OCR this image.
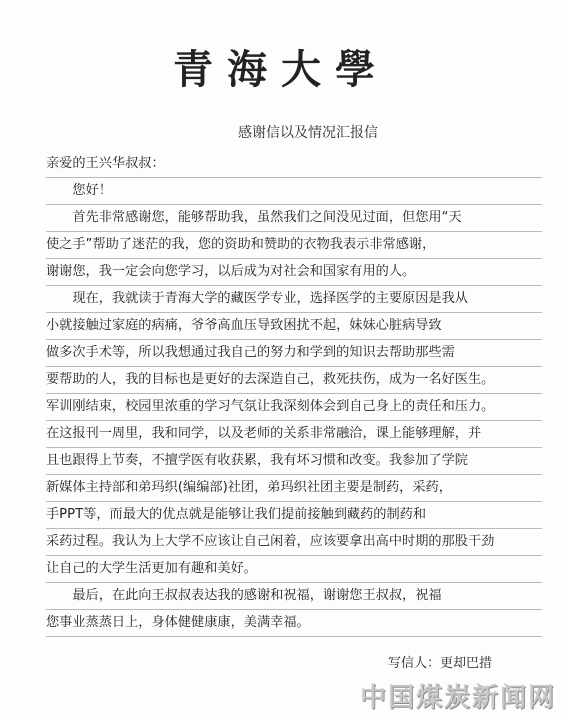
青海大學
感谢信以及情况汇报信
亲爱的王兴华叔叔：
　　您好！
　　首先非常感谢您，能够帮助我，虽然我们之间没见过面，但您用“天
使之手”帮助了迷茫的我，您的资助和赞助的衣物我表示非常感谢，
谢谢您，我一定会向您学习，以后成为对社会和国家有用的人。
　　现在，我就读于青海大学的藏医学专业，选择医学的主要原因是我从
小就接触过家庭的病痛，爷爷高血压导致困扰不起，妹妹心脏病导致
做多次手术等，所以我想通过我自己的努力和学到的知识去帮助那些需
要帮助的人，我的目标也是更好的去深造自己，救死扶伤，成为一名好医生。
军训刚结束，校园里浓重的学习气氛让我深刻体会到自己身上的责任和压力。
在这报刊一周里，我和同学，以及老师的关系非常融洽，课上能够理解，并
且也跟得上节奏，不擅学医有收获累，我有坏习惯和改变。我参加了学院
新媒体主持部和弟玛织(编编部)社团，弟玛织社团主要是制药，采药，
手PPT等，而最大的优点就是能够让我们提前接触到藏药的制药和
采药过程。我认为上大学不应该让自己闲着，应该要拿出高中时期的那股干劲
让自己的大学生活更加有趣和美好。
　　最后，在此向王叔叔表达我的感谢和祝福，谢谢您王叔叔，祝福
您事业蒸蒸日上，身体健健康康，美满幸福。
写信人：更却巴措
中国煤炭新闻网
